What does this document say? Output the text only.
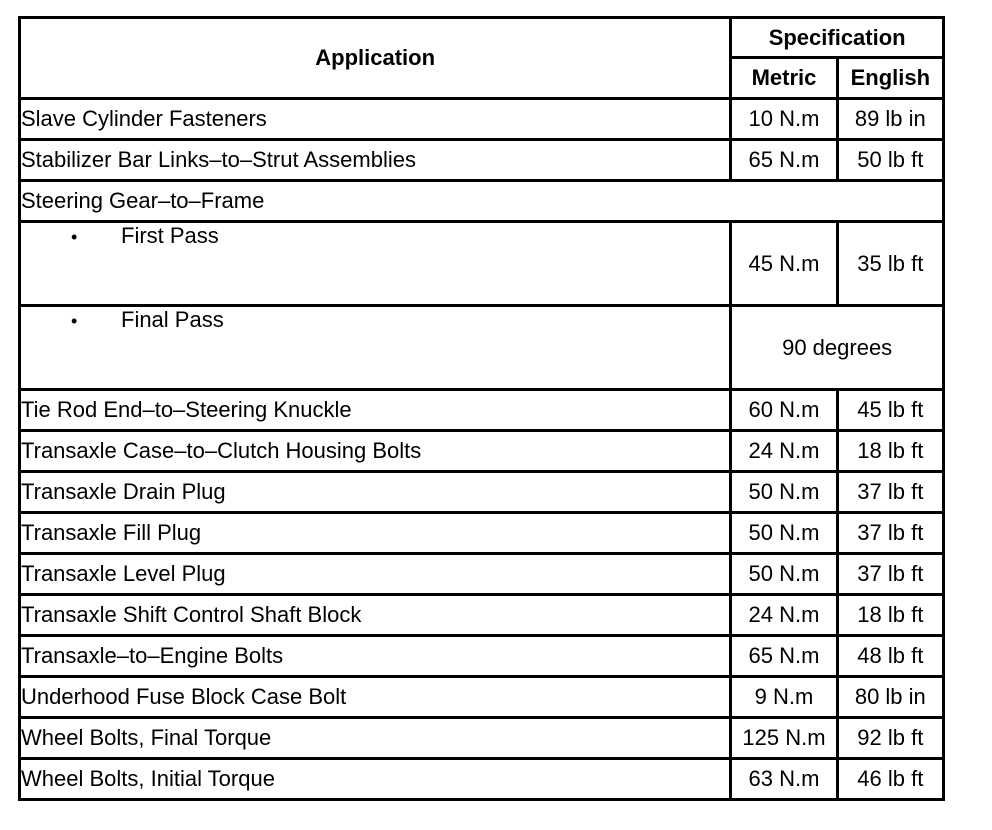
Application	Specification	
	Metric	English
Slave Cylinder Fasteners	10 N.m	89 lb in
Stabilizer Bar Links–to–Strut Assemblies	65 N.m	50 lb ft
Steering Gear–to–Frame		
• First Pass	45 N.m	35 lb ft
• Final Pass	90 degrees	
Tie Rod End–to–Steering Knuckle	60 N.m	45 lb ft
Transaxle Case–to–Clutch Housing Bolts	24 N.m	18 lb ft
Transaxle Drain Plug	50 N.m	37 lb ft
Transaxle Fill Plug	50 N.m	37 lb ft
Transaxle Level Plug	50 N.m	37 lb ft
Transaxle Shift Control Shaft Block	24 N.m	18 lb ft
Transaxle–to–Engine Bolts	65 N.m	48 lb ft
Underhood Fuse Block Case Bolt	9 N.m	80 lb in
Wheel Bolts, Final Torque	125 N.m	92 lb ft
Wheel Bolts, Initial Torque	63 N.m	46 lb ft
